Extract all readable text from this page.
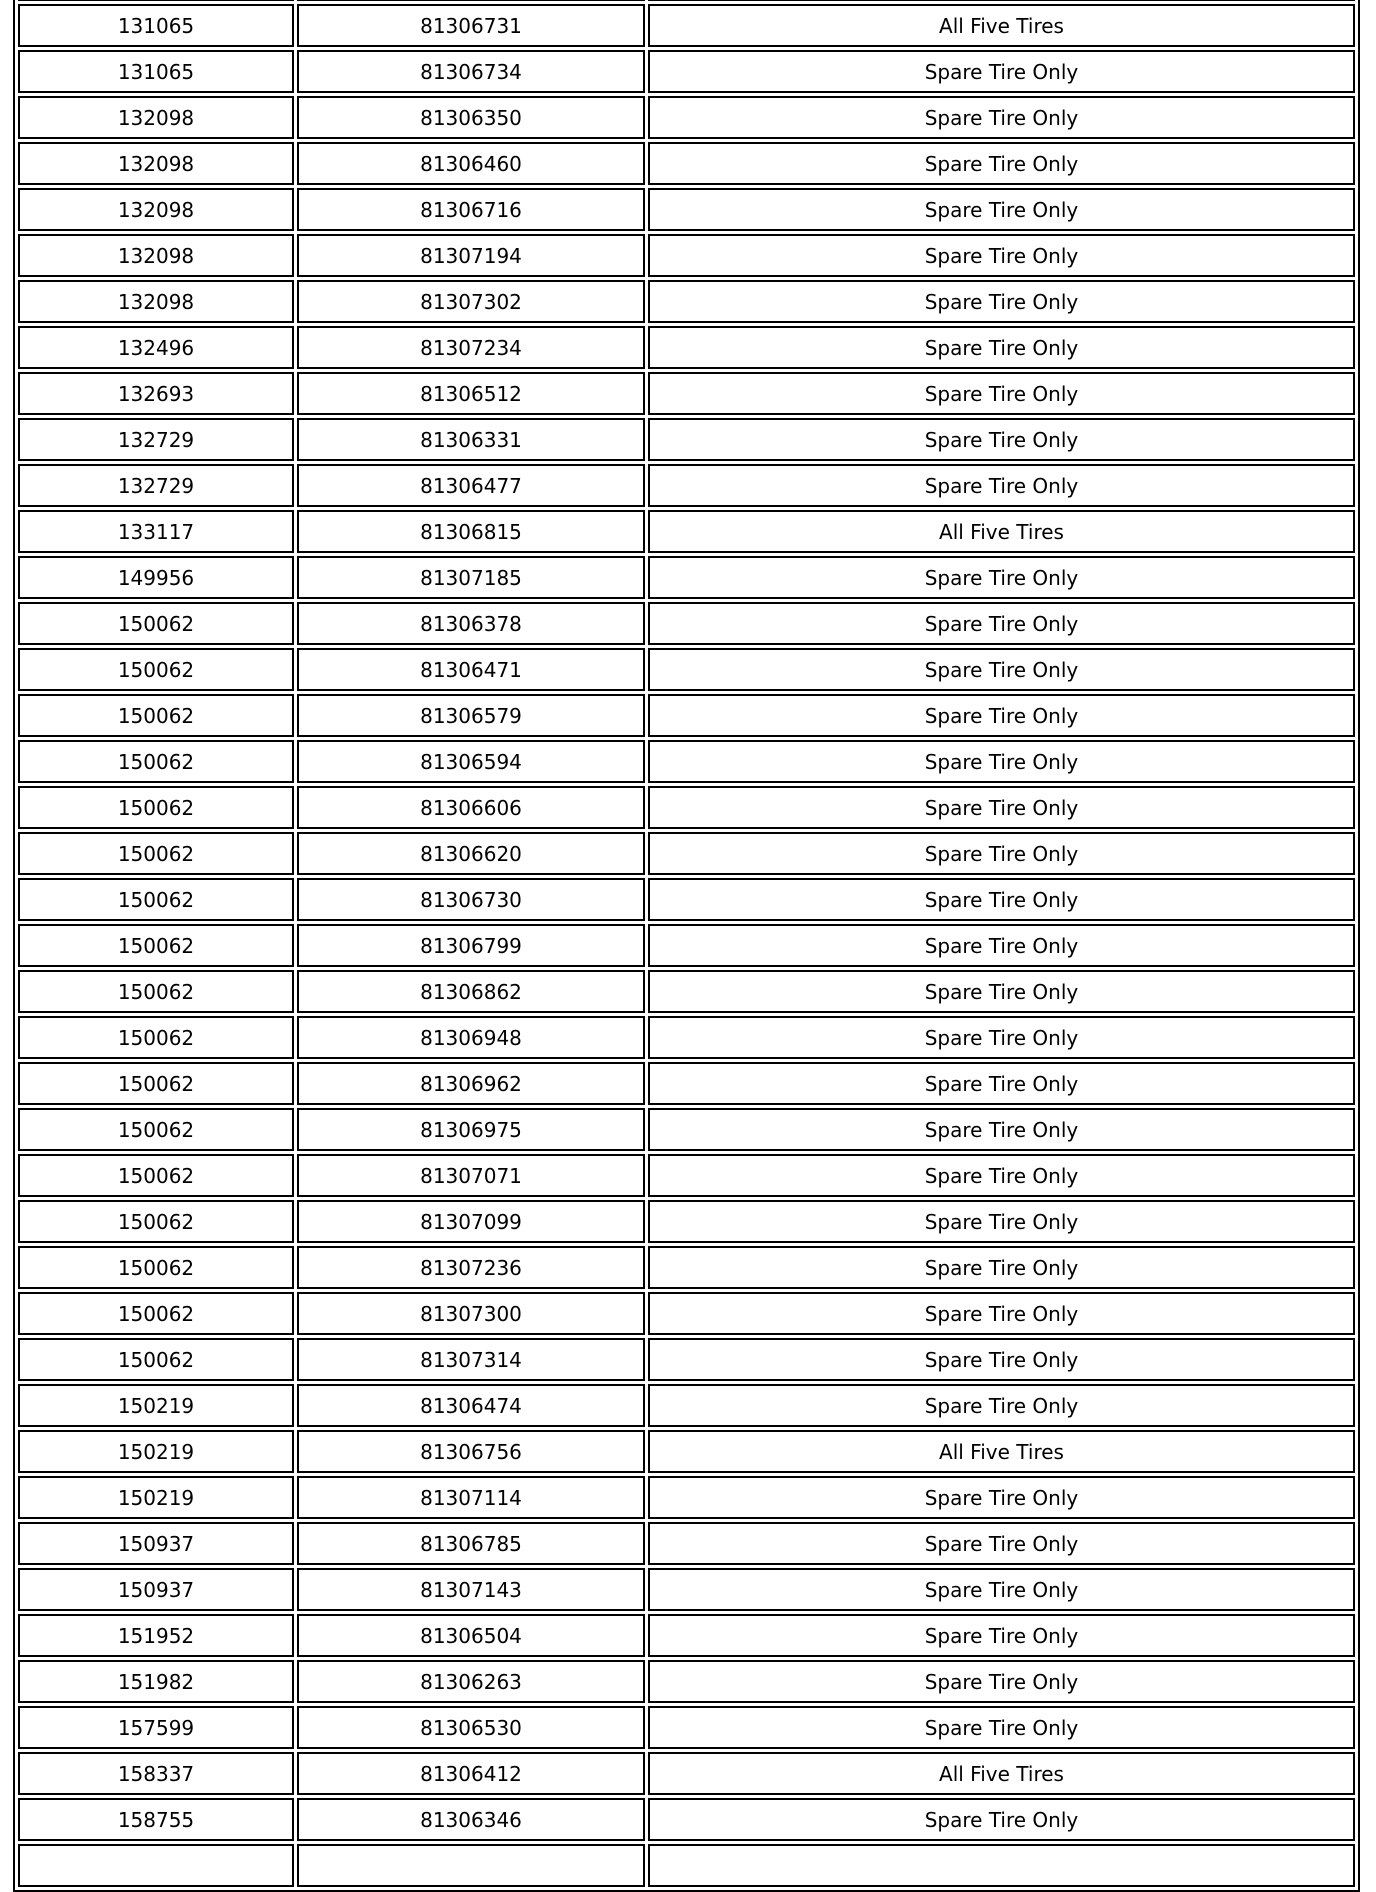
131065	81306731	All Five Tires
131065	81306734	Spare Tire Only
132098	81306350	Spare Tire Only
132098	81306460	Spare Tire Only
132098	81306716	Spare Tire Only
132098	81307194	Spare Tire Only
132098	81307302	Spare Tire Only
132496	81307234	Spare Tire Only
132693	81306512	Spare Tire Only
132729	81306331	Spare Tire Only
132729	81306477	Spare Tire Only
133117	81306815	All Five Tires
149956	81307185	Spare Tire Only
150062	81306378	Spare Tire Only
150062	81306471	Spare Tire Only
150062	81306579	Spare Tire Only
150062	81306594	Spare Tire Only
150062	81306606	Spare Tire Only
150062	81306620	Spare Tire Only
150062	81306730	Spare Tire Only
150062	81306799	Spare Tire Only
150062	81306862	Spare Tire Only
150062	81306948	Spare Tire Only
150062	81306962	Spare Tire Only
150062	81306975	Spare Tire Only
150062	81307071	Spare Tire Only
150062	81307099	Spare Tire Only
150062	81307236	Spare Tire Only
150062	81307300	Spare Tire Only
150062	81307314	Spare Tire Only
150219	81306474	Spare Tire Only
150219	81306756	All Five Tires
150219	81307114	Spare Tire Only
150937	81306785	Spare Tire Only
150937	81307143	Spare Tire Only
151952	81306504	Spare Tire Only
151982	81306263	Spare Tire Only
157599	81306530	Spare Tire Only
158337	81306412	All Five Tires
158755	81306346	Spare Tire Only
